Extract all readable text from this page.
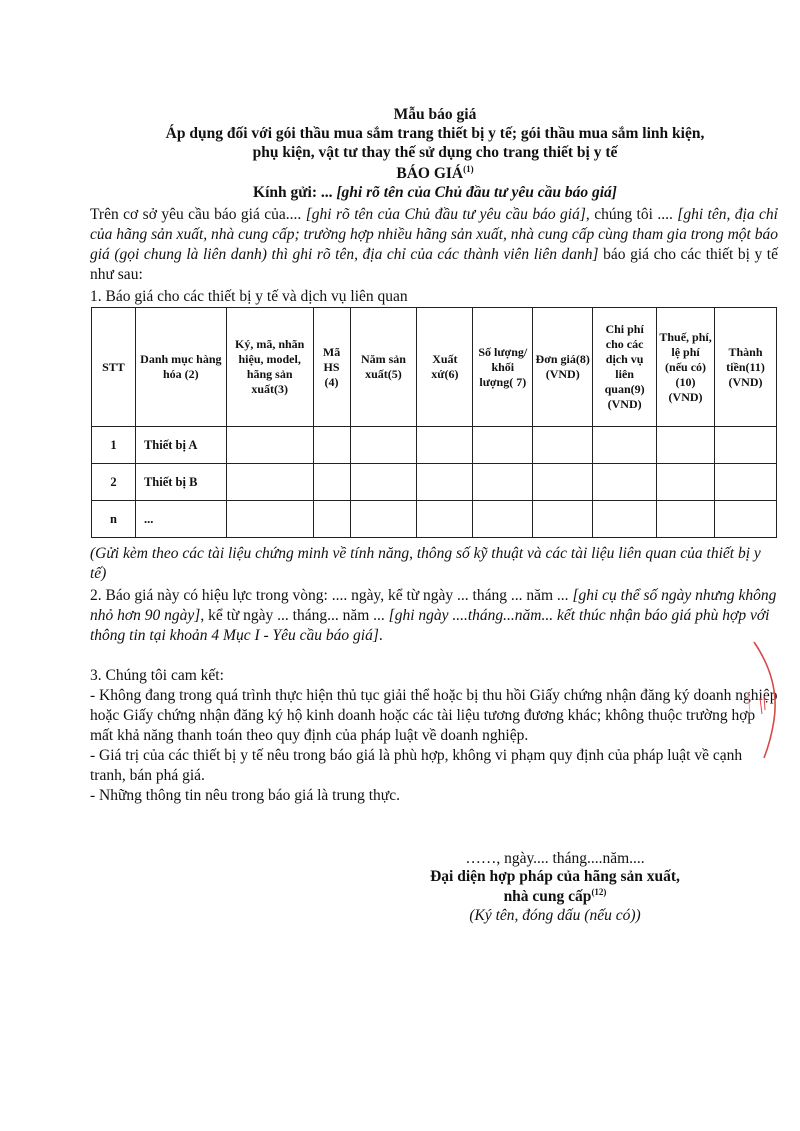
Mẫu báo giá
Áp dụng đối với gói thầu mua sắm trang thiết bị y tế; gói thầu mua sắm linh kiện,
phụ kiện, vật tư thay thế sử dụng cho trang thiết bị y tế
BÁO GIÁ$^{(1)}$
Kính gửi: ... [ghi rõ tên của Chủ đầu tư yêu cầu báo giá]
Trên cơ sở yêu cầu báo giá của.... [ghi rõ tên của Chủ đầu tư yêu cầu báo giá], chúng tôi .... [ghi tên, địa chỉ của hãng sản xuất, nhà cung cấp; trường hợp nhiều hãng sản xuất, nhà cung cấp cùng tham gia trong một báo giá (gọi chung là liên danh) thì ghi rõ tên, địa chỉ của các thành viên liên danh] báo giá cho các thiết bị y tế như sau:
1. Báo giá cho các thiết bị y tế và dịch vụ liên quan
STT	Danh mục hàng hóa (2)	Ký, mã, nhãn hiệu, model, hãng sản xuất(3)	Mã HS (4)	Năm sản xuất(5)	Xuất xứ(6)	Số lượng/ khối lượng( 7)	Đơn giá(8) (VND)	Chi phí cho các dịch vụ liên quan(9) (VND)	Thuế, phí, lệ phí (nếu có)(10) (VND)	Thành tiền(11) (VND)
1	Thiết bị A									
2	Thiết bị B									
n	...									
(Gửi kèm theo các tài liệu chứng minh về tính năng, thông số kỹ thuật và các tài liệu liên quan của thiết bị y tế)
2. Báo giá này có hiệu lực trong vòng: .... ngày, kể từ ngày ... tháng ... năm ... [ghi cụ thể số ngày nhưng không nhỏ hơn 90 ngày], kể từ ngày ... tháng... năm ... [ghi ngày ....tháng...năm... kết thúc nhận báo giá phù hợp với thông tin tại khoản 4 Mục I - Yêu cầu báo giá].
3. Chúng tôi cam kết:
- Không đang trong quá trình thực hiện thủ tục giải thể hoặc bị thu hồi Giấy chứng nhận đăng ký doanh nghiệp hoặc Giấy chứng nhận đăng ký hộ kinh doanh hoặc các tài liệu tương đương khác; không thuộc trường hợp mất khả năng thanh toán theo quy định của pháp luật về doanh nghiệp.
- Giá trị của các thiết bị y tế nêu trong báo giá là phù hợp, không vi phạm quy định của pháp luật về cạnh tranh, bán phá giá.
- Những thông tin nêu trong báo giá là trung thực.
……, ngày.... tháng....năm....
Đại diện hợp pháp của hãng sản xuất,
nhà cung cấp$^{(12)}$
(Ký tên, đóng dấu (nếu có))
